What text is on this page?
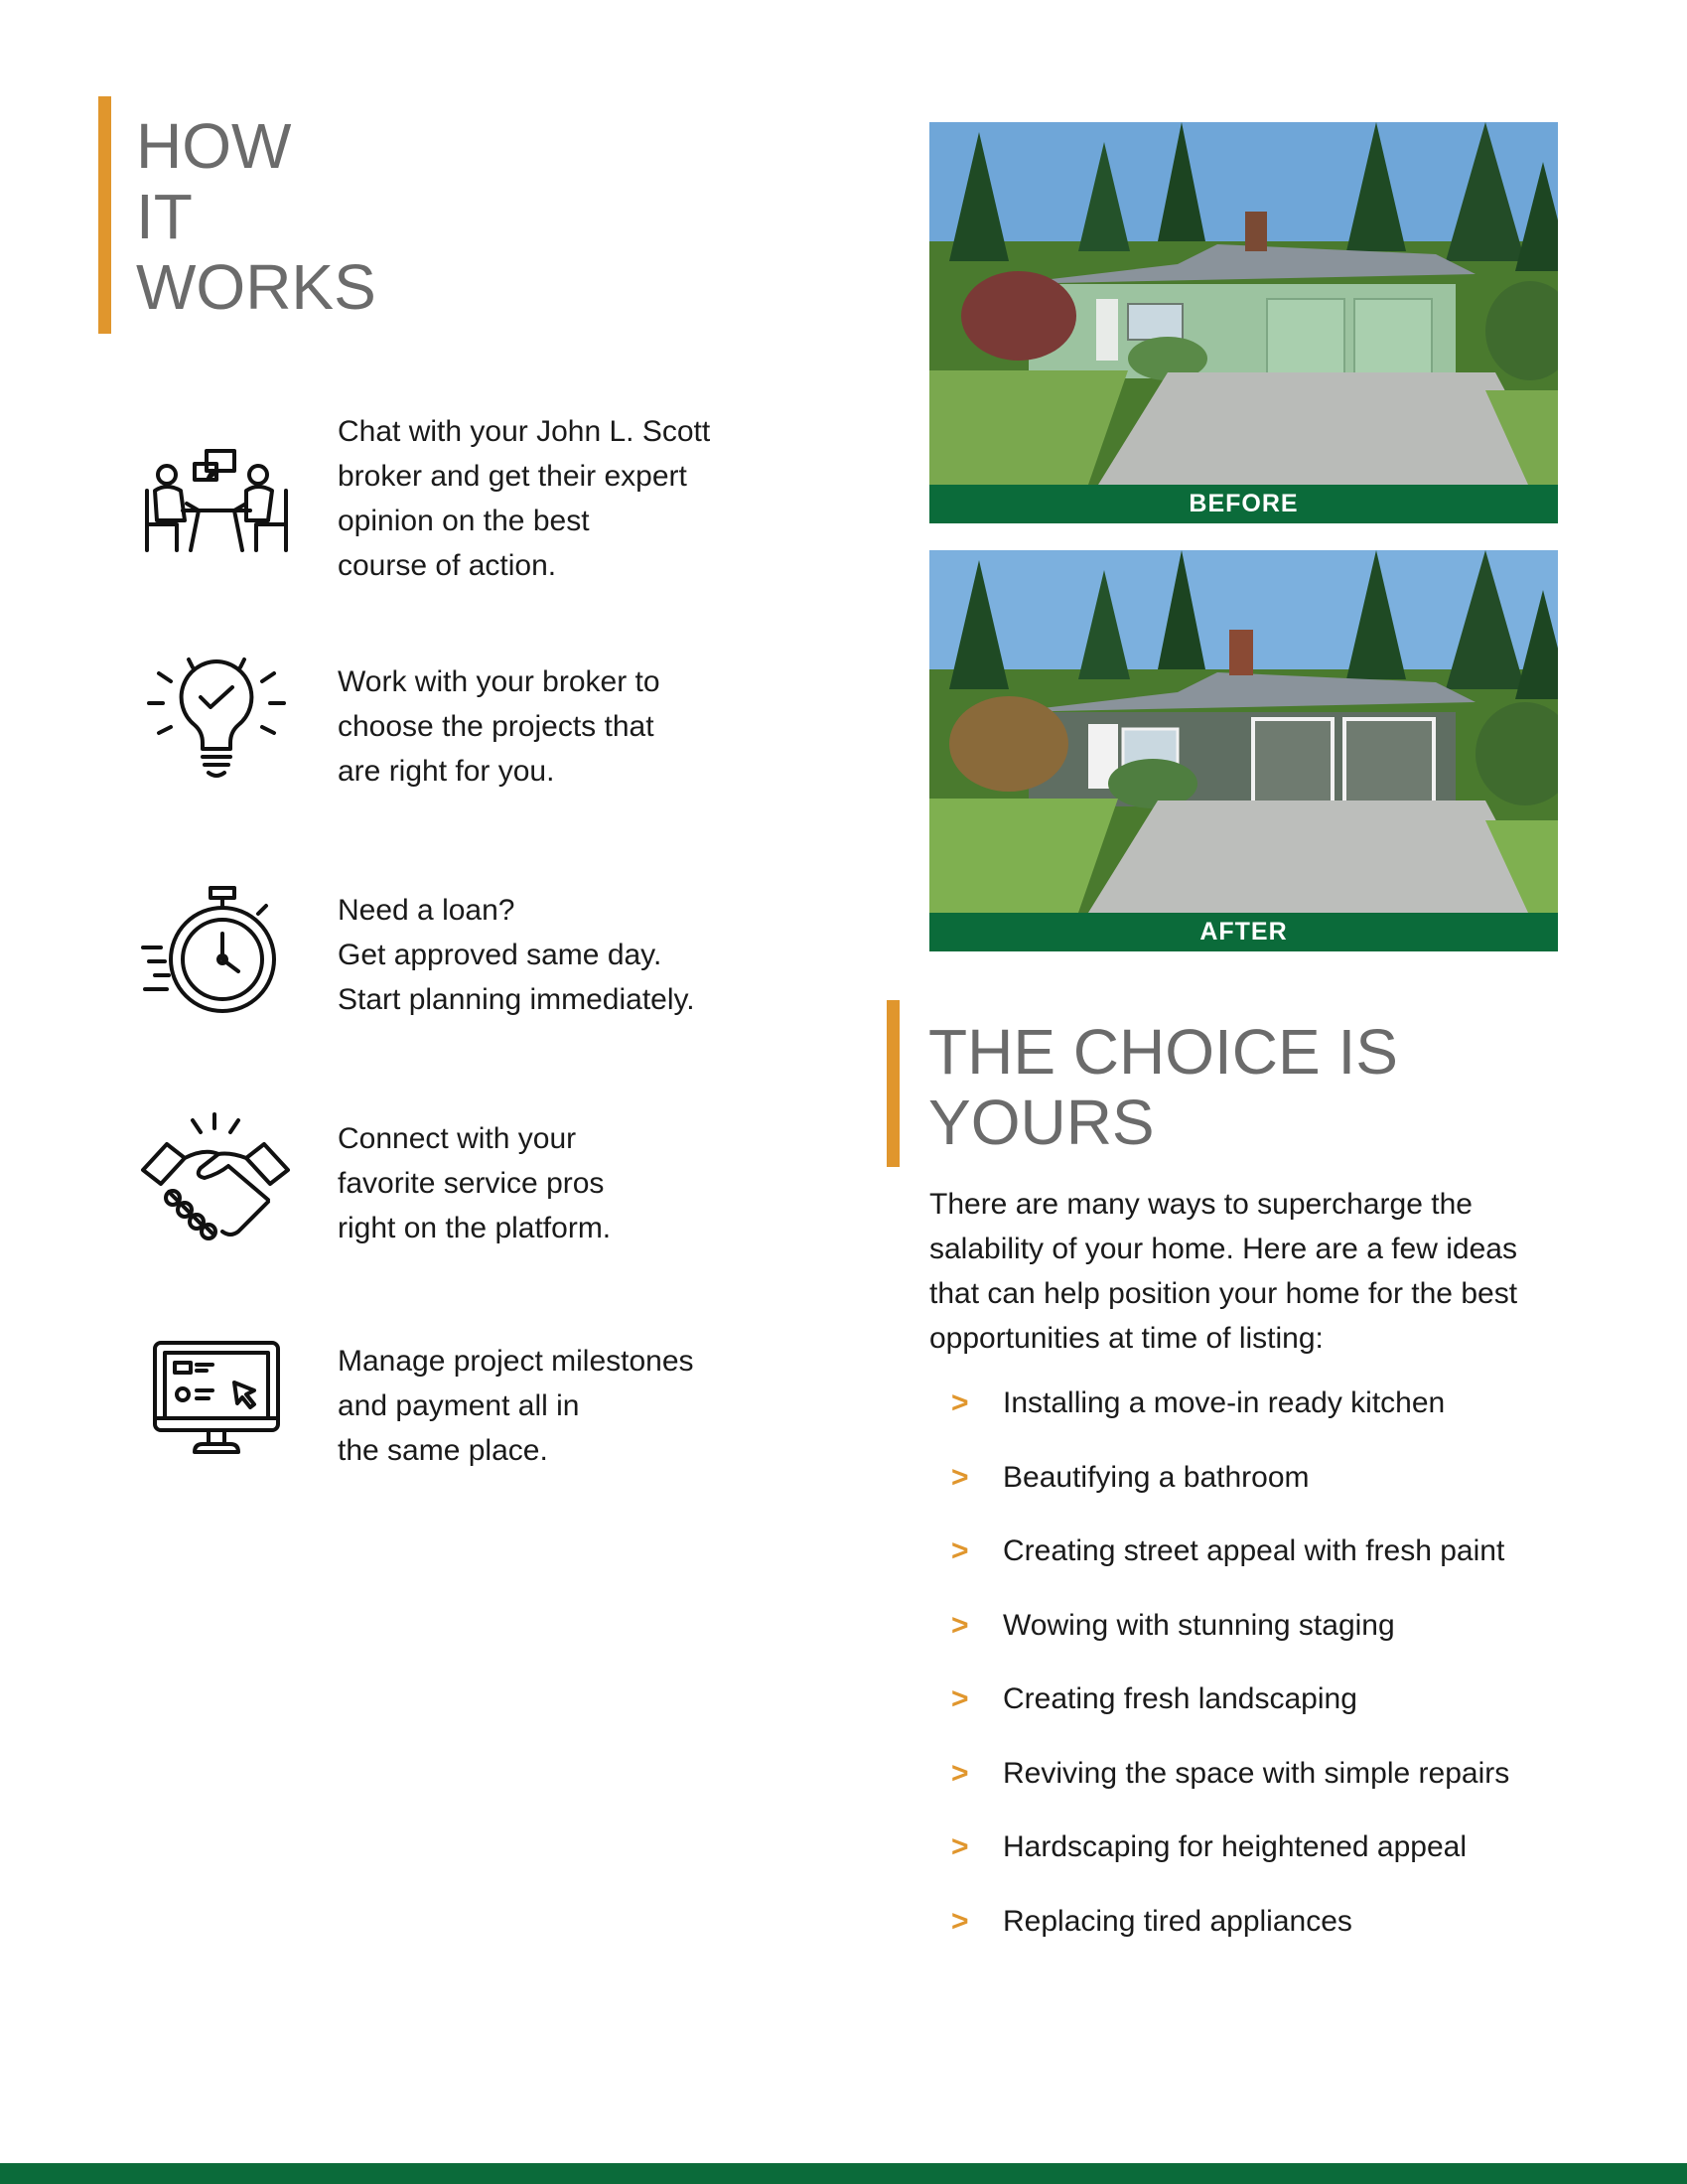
HOW
IT
WORKS
Chat with your John L. Scott
broker and get their expert
opinion on the best
course of action.
Work with your broker to
choose the projects that
are right for you.
Need a loan?
Get approved same day.
Start planning immediately.
Connect with your
favorite service pros
right on the platform.
Manage project milestones
and payment all in
the same place.
BEFORE
AFTER
THE CHOICE IS
YOURS
There are many ways to supercharge the
salability of your home. Here are a few ideas
that can help position your home for the best
opportunities at time of listing:
> Installing a move-in ready kitchen
> Beautifying a bathroom
> Creating street appeal with fresh paint
> Wowing with stunning staging
> Creating fresh landscaping
> Reviving the space with simple repairs
> Hardscaping for heightened appeal
> Replacing tired appliances
